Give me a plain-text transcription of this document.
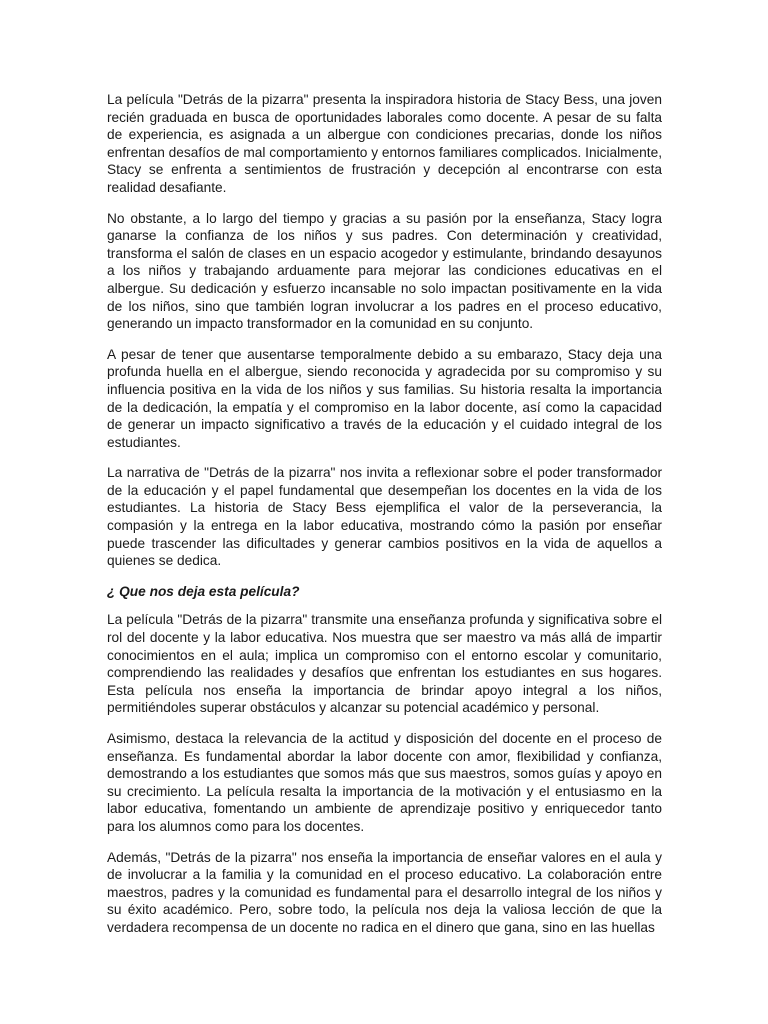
La película "Detrás de la pizarra" presenta la inspiradora historia de Stacy Bess, una joven recién graduada en busca de oportunidades laborales como docente. A pesar de su falta de experiencia, es asignada a un albergue con condiciones precarias, donde los niños enfrentan desafíos de mal comportamiento y entornos familiares complicados. Inicialmente, Stacy se enfrenta a sentimientos de frustración y decepción al encontrarse con esta realidad desafiante.

No obstante, a lo largo del tiempo y gracias a su pasión por la enseñanza, Stacy logra ganarse la confianza de los niños y sus padres. Con determinación y creatividad, transforma el salón de clases en un espacio acogedor y estimulante, brindando desayunos a los niños y trabajando arduamente para mejorar las condiciones educativas en el albergue. Su dedicación y esfuerzo incansable no solo impactan positivamente en la vida de los niños, sino que también logran involucrar a los padres en el proceso educativo, generando un impacto transformador en la comunidad en su conjunto.

A pesar de tener que ausentarse temporalmente debido a su embarazo, Stacy deja una profunda huella en el albergue, siendo reconocida y agradecida por su compromiso y su influencia positiva en la vida de los niños y sus familias. Su historia resalta la importancia de la dedicación, la empatía y el compromiso en la labor docente, así como la capacidad de generar un impacto significativo a través de la educación y el cuidado integral de los estudiantes.

La narrativa de "Detrás de la pizarra" nos invita a reflexionar sobre el poder transformador de la educación y el papel fundamental que desempeñan los docentes en la vida de los estudiantes. La historia de Stacy Bess ejemplifica el valor de la perseverancia, la compasión y la entrega en la labor educativa, mostrando cómo la pasión por enseñar puede trascender las dificultades y generar cambios positivos en la vida de aquellos a quienes se dedica.

¿ Que nos deja esta película?

La película "Detrás de la pizarra" transmite una enseñanza profunda y significativa sobre el rol del docente y la labor educativa. Nos muestra que ser maestro va más allá de impartir conocimientos en el aula; implica un compromiso con el entorno escolar y comunitario, comprendiendo las realidades y desafíos que enfrentan los estudiantes en sus hogares. Esta película nos enseña la importancia de brindar apoyo integral a los niños, permitiéndoles superar obstáculos y alcanzar su potencial académico y personal.

Asimismo, destaca la relevancia de la actitud y disposición del docente en el proceso de enseñanza. Es fundamental abordar la labor docente con amor, flexibilidad y confianza, demostrando a los estudiantes que somos más que sus maestros, somos guías y apoyo en su crecimiento. La película resalta la importancia de la motivación y el entusiasmo en la labor educativa, fomentando un ambiente de aprendizaje positivo y enriquecedor tanto para los alumnos como para los docentes.

Además, "Detrás de la pizarra" nos enseña la importancia de enseñar valores en el aula y de involucrar a la familia y la comunidad en el proceso educativo. La colaboración entre maestros, padres y la comunidad es fundamental para el desarrollo integral de los niños y su éxito académico. Pero, sobre todo, la película nos deja la valiosa lección de que la verdadera recompensa de un docente no radica en el dinero que gana, sino en las huellas
